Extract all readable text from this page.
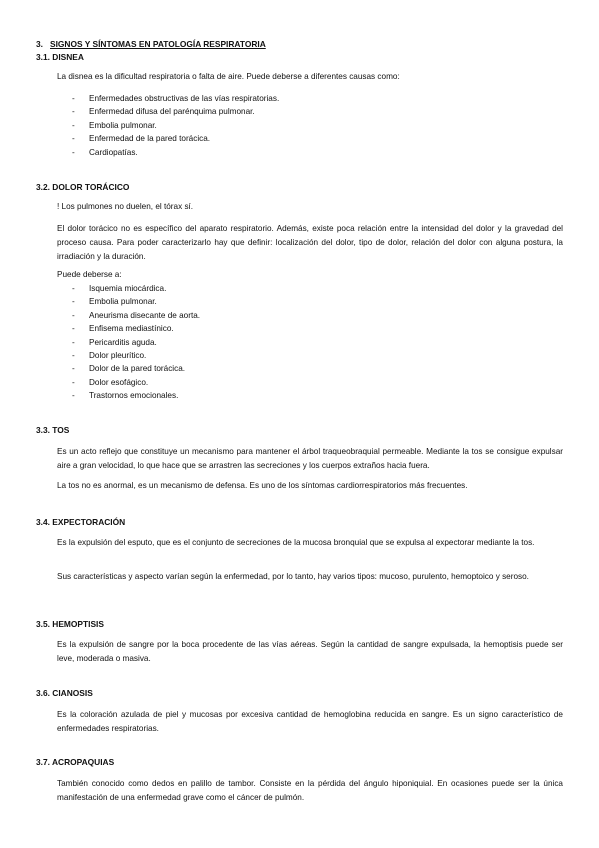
3. SIGNOS Y SÍNTOMAS EN PATOLOGÍA RESPIRATORIA
3.1. DISNEA
La disnea es la dificultad respiratoria o falta de aire. Puede deberse a diferentes causas como:
- Enfermedades obstructivas de las vías respiratorias.
- Enfermedad difusa del parénquima pulmonar.
- Embolia pulmonar.
- Enfermedad de la pared torácica.
- Cardiopatías.
3.2. DOLOR TORÁCICO
! Los pulmones no duelen, el tórax sí.
El dolor torácico no es específico del aparato respiratorio. Además, existe poca relación entre la intensidad del dolor y la gravedad del proceso causa. Para poder caracterizarlo hay que definir: localización del dolor, tipo de dolor, relación del dolor con alguna postura, la irradiación y la duración.
Puede deberse a:
- Isquemia miocárdica.
- Embolia pulmonar.
- Aneurisma disecante de aorta.
- Enfisema mediastínico.
- Pericarditis aguda.
- Dolor pleurítico.
- Dolor de la pared torácica.
- Dolor esofágico.
- Trastornos emocionales.
3.3. TOS
Es un acto reflejo que constituye un mecanismo para mantener el árbol traqueobraquial permeable. Mediante la tos se consigue expulsar aire a gran velocidad, lo que hace que se arrastren las secreciones y los cuerpos extraños hacia fuera.
La tos no es anormal, es un mecanismo de defensa. Es uno de los síntomas cardiorrespiratorios más frecuentes.
3.4. EXPECTORACIÓN
Es la expulsión del esputo, que es el conjunto de secreciones de la mucosa bronquial que se expulsa al expectorar mediante la tos.
Sus características y aspecto varían según la enfermedad, por lo tanto, hay varios tipos: mucoso, purulento, hemoptoico y seroso.
3.5. HEMOPTISIS
Es la expulsión de sangre por la boca procedente de las vías aéreas. Según la cantidad de sangre expulsada, la hemoptisis puede ser leve, moderada o masiva.
3.6. CIANOSIS
Es la coloración azulada de piel y mucosas por excesiva cantidad de hemoglobina reducida en sangre. Es un signo característico de enfermedades respiratorias.
3.7. ACROPAQUIAS
También conocido como dedos en palillo de tambor. Consiste en la pérdida del ángulo hiponiquial. En ocasiones puede ser la única manifestación de una enfermedad grave como el cáncer de pulmón.
